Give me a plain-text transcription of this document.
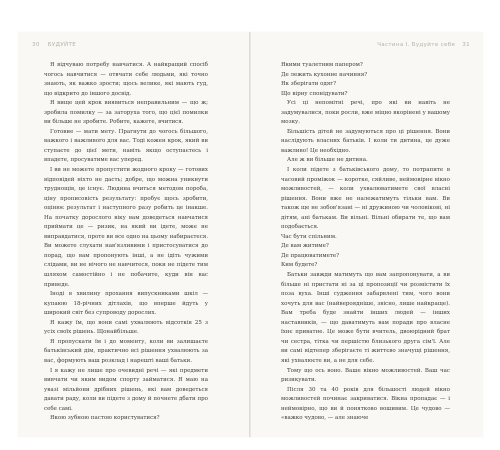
30 БУДУЙТЕ	Частина І. Будуйте себе 31

Я відчуваю потребу навчатися. А найкращий спосіб чогось навчитися — отвчати себе людьми, які точно знають, як важко зрости; щось велике, які мають гуд, що відкрито до іншого досвід.

Я вище цей крок виявиться неправильним — що ж; зробила помилку — за заторуха того, що цієї помилки ви більше не зробите. Робите, кажете, вчитися.

Готовие — мати мету. Прагнути до чогось більшого, важкого і важливого для вас. Тоді кожен крок, який ви ступаєте до цієї мети, навіть якщо оступаєтесь і впадете, просуватиме вас уперед.

І ви не можете пропустити жодного кроку — готових відповідей ніхто не дасть; добре, що можна уникнути труднощів, це існує. Людина вчиться методом пороба, ціну прописовість результату: пробує щось зробити, оцінює результат і наступного разу робить це інакше. На початку дорослого віку вам доведеться навчатися приймати це — ризик, на який ви ідете, може не виправдатися, проте ви все одно на цьому набираєтеся. Ви можете слухати нав'язливими і пристосуватися до порад, що вам пропонують інші, а не ідіть чужими слідами, ви не нічого не навчитеся, поки не підете тим шляхом самостійно і не побачите, куди він вас приведе.

Іноді в хвилину прохання випускниками шкіл — купаюю 18-річних дітлахів, що вперше йдуть у широкий світ без супроводу дорослих.

Я кажу їм, що вони самі ухвалюють відсотків 25 з усіх своїх рішень. Щонайбільше.

Я пропускати їм і до моменту, коли ви залишаєте батьківський дім, практично всі рішення ухвалюють за вас, формують ваш розклад і нарешті ваші батьки.

І я кажу не лише про очевидні речі — які предмети вивчати чи яким видом спорту займатися. Я маю на увазі мільйони дрібних рішень, які вам доведеться давати раду, коли ви підете з дому й почнете дбати про себе самі.

Якою зубною пастою користуватися?

Якими туалетним папером?

Де лежить кухонне начиння?

Як зберігати одяг?

Що вірну спонідувати?

Усі ці непомітні речі, про які ви навіть не задумувалися, поки росли, вже міцно вкорінені у вашому мозку.

Більшість дітей не задумуються про ці рішення. Вони наслідують власних батьків. І коли ти дитина, це дуже важливо! Це необхідно.

Але ж ви більше не дитина.

І коли підете з батьківського дому, то потрапите в часовий проміжок — коротке, сяйливе, неймовірне вікно можливостей, — коли ухвалюватимете свої власні рішення. Вони вже не належатимуть тільки вам. Ви також ще не зобов'язані — ні дружиною чи чоловікові, ні дітям, ані батькам. Ви вільні. Вільні обирати те, що вам подобається.

Час бути спільним.

Де вам житиме?

Де працюватимете?

Ким будете?

Батьки завжди матимуть що вам запропонувати, а ви більше ні пристати ні за ці пропозиції чи розмістити їх поза вуха. Інші судження забарвлені тим, чого вони хочуть для вас (найвероядніше, звісно, лише найкраще). Вам треба буде знайти інших людей — інших наставників, — що даватимуть вам поради про власне їхнє приватне. Це може бути вчитель, двоюрідний брат чи сестра, тітка чи першістю близького друга сім'ї. Але ви самі відтепер зберігаєте ті життєво значущі рішення, які ухвалюєте ви, а не для себе.

Тому що ось воно. Ваше вікно можливостей. Ваш час ризикувати.

Після 30 та 40 років для більшості людей вікно можливостей починає закриватися. Вікна пропадає — і неймовірно, що ви й понятково вошивим. Це чудово — «важко чудово, — але знаюче
